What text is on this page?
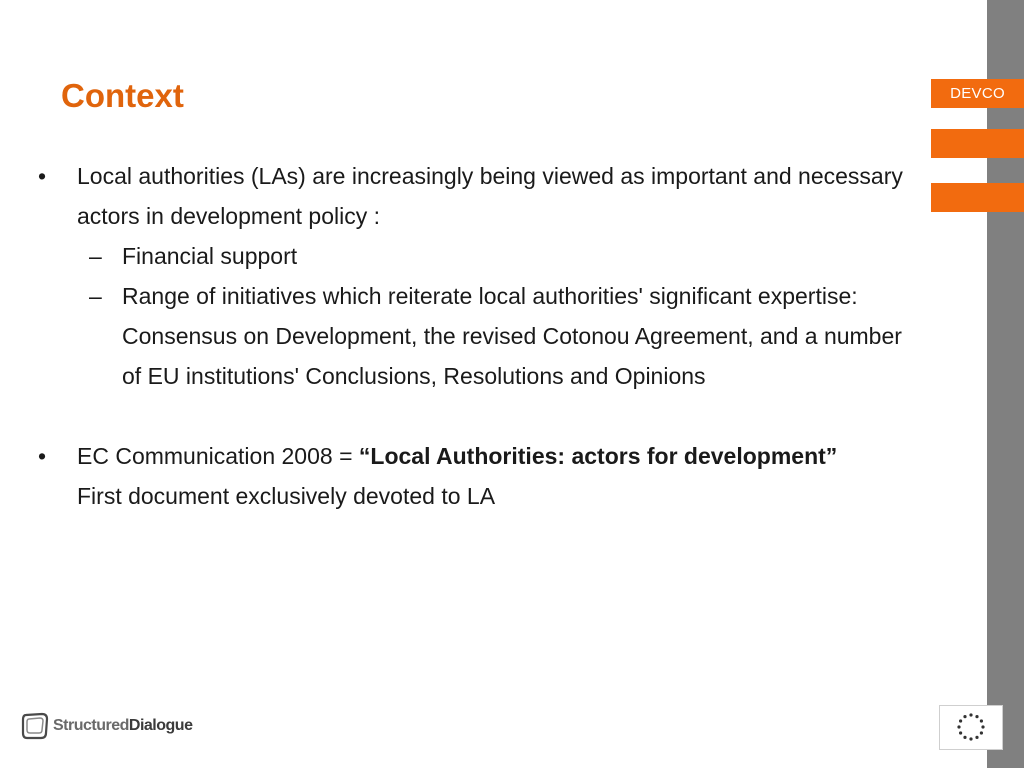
DEVCO
Context
• Local authorities (LAs) are increasingly being viewed as important and necessary actors in development policy :
– Financial support
– Range of initiatives which reiterate local authorities' significant expertise: Consensus on Development, the revised Cotonou Agreement, and a number of EU institutions' Conclusions, Resolutions and Opinions
• EC Communication 2008 = “Local Authorities: actors for development”
First document exclusively devoted to LA
StructuredDialogue
